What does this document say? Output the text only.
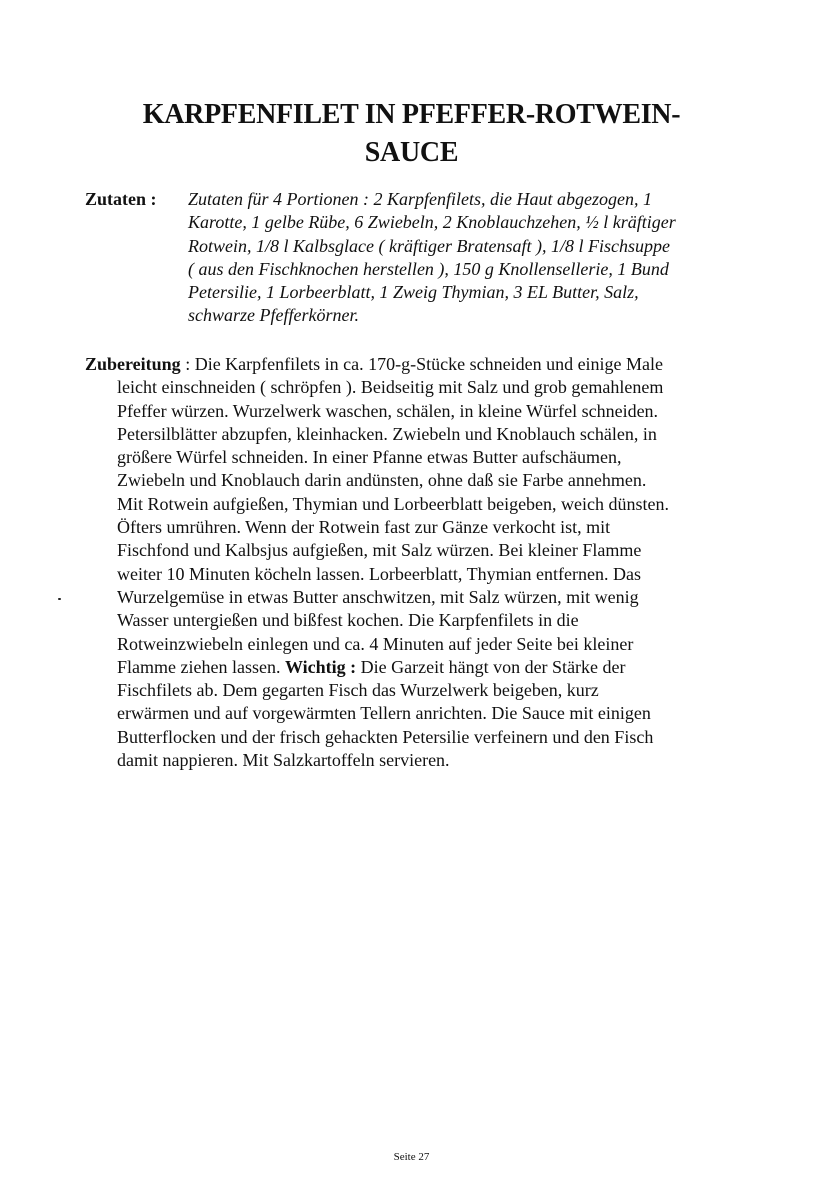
KARPFENFILET IN PFEFFER-ROTWEIN-
SAUCE
Zutaten : Zutaten für 4 Portionen : 2 Karpfenfilets, die Haut abgezogen, 1
Karotte, 1 gelbe Rübe, 6 Zwiebeln, 2 Knoblauchzehen, ½ l kräftiger
Rotwein, 1/8 l Kalbsglace ( kräftiger Bratensaft ), 1/8 l Fischsuppe
( aus den Fischknochen herstellen ), 150 g Knollensellerie, 1 Bund
Petersilie, 1 Lorbeerblatt, 1 Zweig Thymian, 3 EL Butter, Salz,
schwarze Pfefferkörner.
Zubereitung : Die Karpfenfilets in ca. 170-g-Stücke schneiden und einige Male
leicht einschneiden ( schröpfen ). Beidseitig mit Salz und grob gemahlenem
Pfeffer würzen. Wurzelwerk waschen, schälen, in kleine Würfel schneiden.
Petersilblätter abzupfen, kleinhacken. Zwiebeln und Knoblauch schälen, in
größere Würfel schneiden. In einer Pfanne etwas Butter aufschäumen,
Zwiebeln und Knoblauch darin andünsten, ohne daß sie Farbe annehmen.
Mit Rotwein aufgießen, Thymian und Lorbeerblatt beigeben, weich dünsten.
Öfters umrühren. Wenn der Rotwein fast zur Gänze verkocht ist, mit
Fischfond und Kalbsjus aufgießen, mit Salz würzen. Bei kleiner Flamme
weiter 10 Minuten köcheln lassen. Lorbeerblatt, Thymian entfernen. Das
Wurzelgemüse in etwas Butter anschwitzen, mit Salz würzen, mit wenig
Wasser untergießen und bißfest kochen. Die Karpfenfilets in die
Rotweinzwiebeln einlegen und ca. 4 Minuten auf jeder Seite bei kleiner
Flamme ziehen lassen. Wichtig : Die Garzeit hängt von der Stärke der
Fischfilets ab. Dem gegarten Fisch das Wurzelwerk beigeben, kurz
erwärmen und auf vorgewärmten Tellern anrichten. Die Sauce mit einigen
Butterflocken und der frisch gehackten Petersilie verfeinern und den Fisch
damit nappieren. Mit Salzkartoffeln servieren.
Seite 27
